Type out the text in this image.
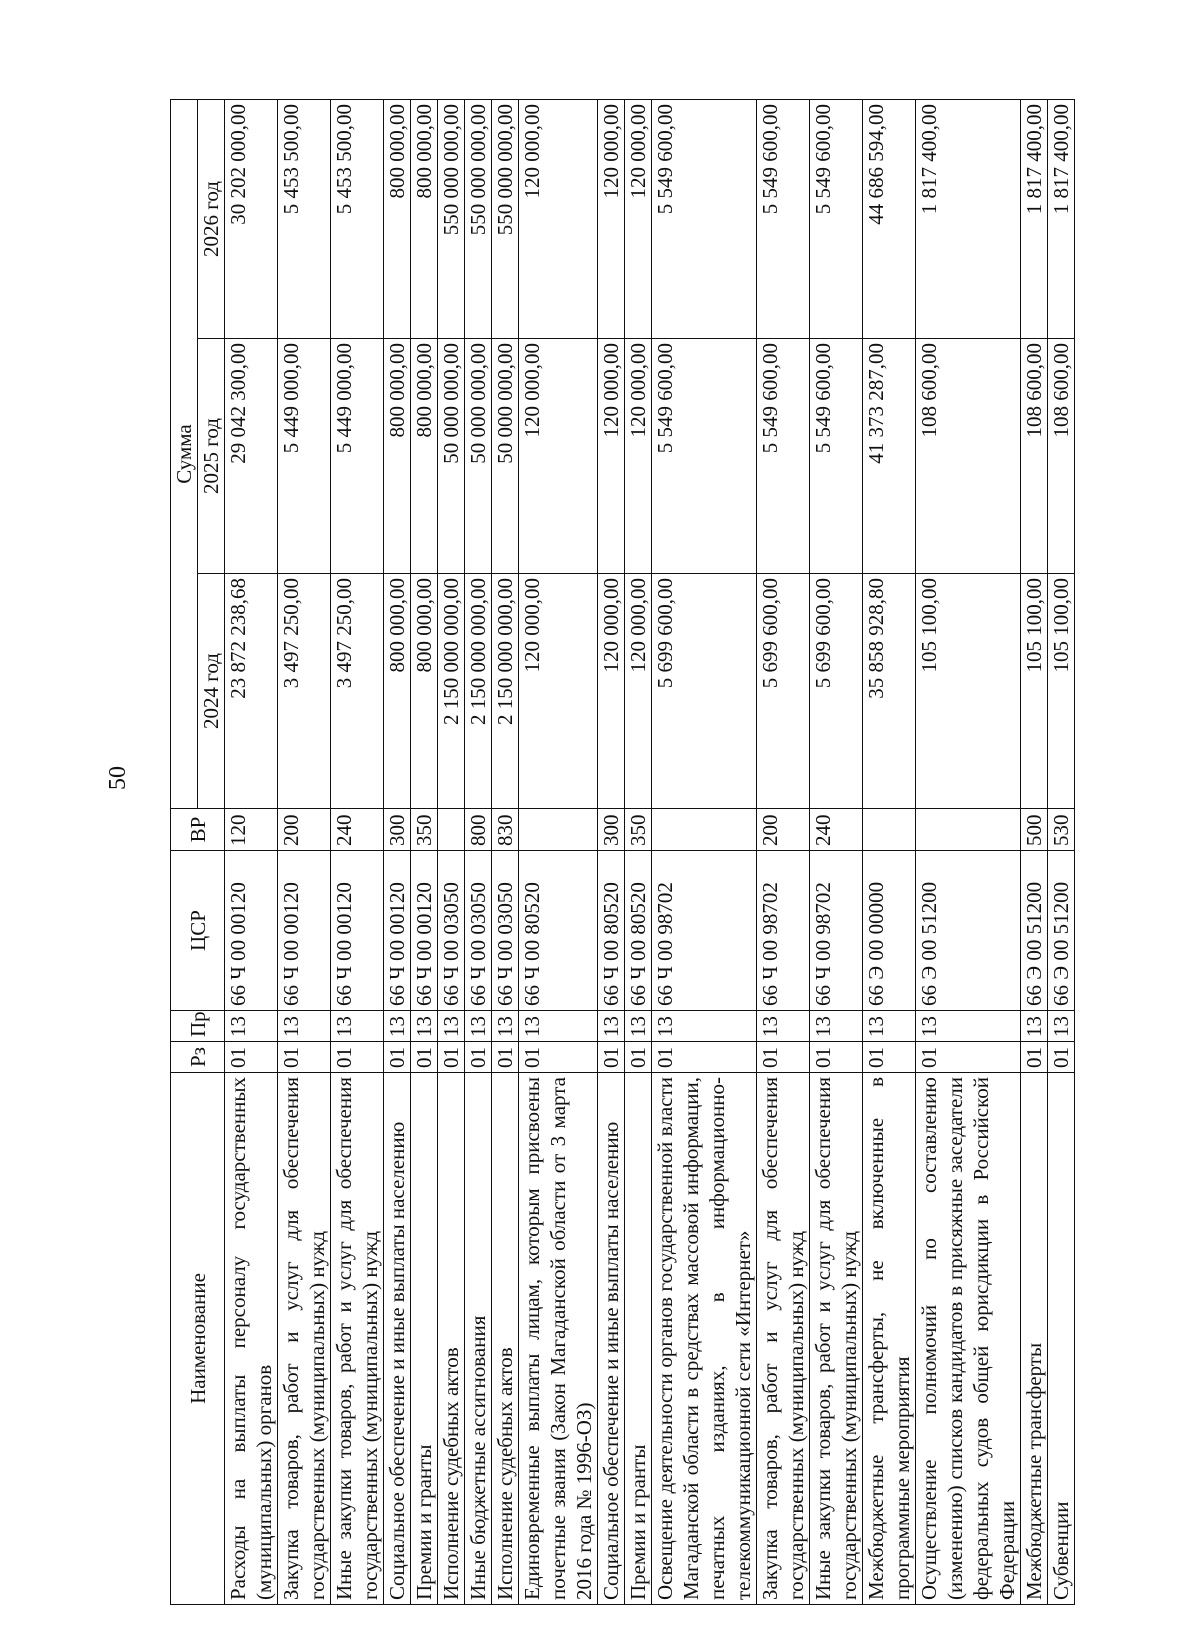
50
Наименование	Рз	Пр	ЦСР	ВР	Сумма		
					2024 год	2025 год	2026 год
Расходы на выплаты персоналу государственных (муниципальных) органов	01	13	66 Ч 00 00120	120	23 872 238,68	29 042 300,00	30 202 000,00
Закупка товаров, работ и услуг для обеспечения государственных (муниципальных) нужд	01	13	66 Ч 00 00120	200	3 497 250,00	5 449 000,00	5 453 500,00
Иные закупки товаров, работ и услуг для обеспечения государственных (муниципальных) нужд	01	13	66 Ч 00 00120	240	3 497 250,00	5 449 000,00	5 453 500,00
Социальное обеспечение и иные выплаты населению	01	13	66 Ч 00 00120	300	800 000,00	800 000,00	800 000,00
Премии и гранты	01	13	66 Ч 00 00120	350	800 000,00	800 000,00	800 000,00
Исполнение судебных актов	01	13	66 Ч 00 03050		2 150 000 000,00	50 000 000,00	550 000 000,00
Иные бюджетные ассигнования	01	13	66 Ч 00 03050	800	2 150 000 000,00	50 000 000,00	550 000 000,00
Исполнение судебных актов	01	13	66 Ч 00 03050	830	2 150 000 000,00	50 000 000,00	550 000 000,00
Единовременные выплаты лицам, которым присвоены почетные звания (Закон Магаданской области от 3 марта 2016 года № 1996-ОЗ)	01	13	66 Ч 00 80520		120 000,00	120 000,00	120 000,00
Социальное обеспечение и иные выплаты населению	01	13	66 Ч 00 80520	300	120 000,00	120 000,00	120 000,00
Премии и гранты	01	13	66 Ч 00 80520	350	120 000,00	120 000,00	120 000,00
Освещение деятельности органов государственной власти Магаданской области в средствах массовой информации, печатных изданиях, в информационно-телекоммуникационной сети «Интернет»	01	13	66 Ч 00 98702		5 699 600,00	5 549 600,00	5 549 600,00
Закупка товаров, работ и услуг для обеспечения государственных (муниципальных) нужд	01	13	66 Ч 00 98702	200	5 699 600,00	5 549 600,00	5 549 600,00
Иные закупки товаров, работ и услуг для обеспечения государственных (муниципальных) нужд	01	13	66 Ч 00 98702	240	5 699 600,00	5 549 600,00	5 549 600,00
Межбюджетные трансферты, не включенные в программные мероприятия	01	13	66 Э 00 00000		35 858 928,80	41 373 287,00	44 686 594,00
Осуществление полномочий по составлению (изменению) списков кандидатов в присяжные заседатели федеральных судов общей юрисдикции в Российской Федерации	01	13	66 Э 00 51200		105 100,00	108 600,00	1 817 400,00
Межбюджетные трансферты	01	13	66 Э 00 51200	500	105 100,00	108 600,00	1 817 400,00
Субвенции	01	13	66 Э 00 51200	530	105 100,00	108 600,00	1 817 400,00
